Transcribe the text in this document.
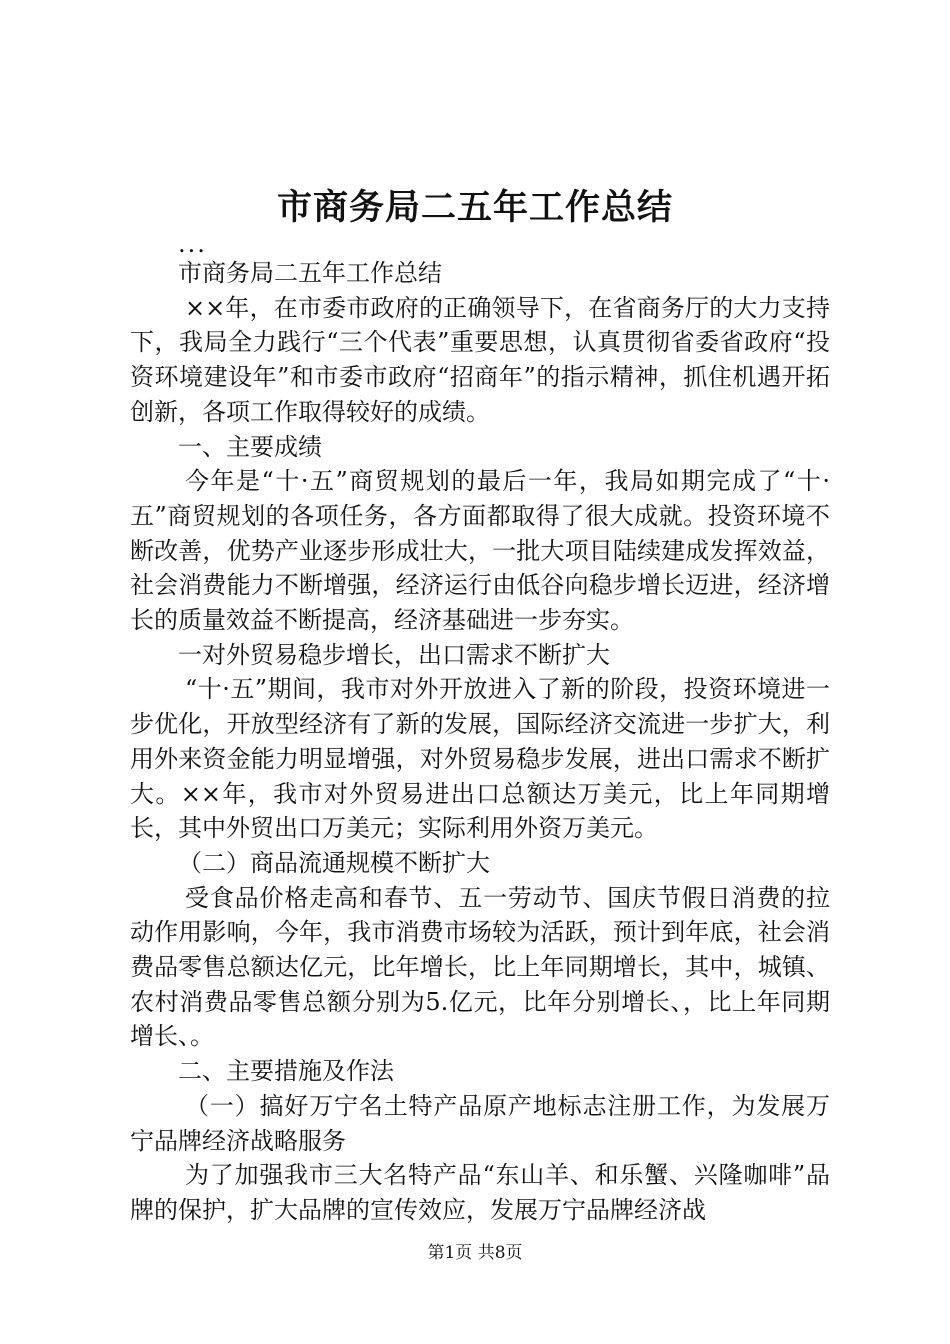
市商务局二五年工作总结

...

市商务局二五年工作总结

××年，在市委市政府的正确领导下，在省商务厅的大力支持下，我局全力践行“三个代表”重要思想，认真贯彻省委省政府“投资环境建设年”和市委市政府“招商年”的指示精神，抓住机遇开拓创新，各项工作取得较好的成绩。

一、主要成绩

今年是“十·五”商贸规划的最后一年，我局如期完成了“十·五”商贸规划的各项任务，各方面都取得了很大成就。投资环境不断改善，优势产业逐步形成壮大，一批大项目陆续建成发挥效益，社会消费能力不断增强，经济运行由低谷向稳步增长迈进，经济增长的质量效益不断提高，经济基础进一步夯实。

一对外贸易稳步增长，出口需求不断扩大

“十·五”期间，我市对外开放进入了新的阶段，投资环境进一步优化，开放型经济有了新的发展，国际经济交流进一步扩大，利用外来资金能力明显增强，对外贸易稳步发展，进出口需求不断扩大。××年，我市对外贸易进出口总额达万美元，比上年同期增长，其中外贸出口万美元；实际利用外资万美元。

（二）商品流通规模不断扩大

受食品价格走高和春节、五一劳动节、国庆节假日消费的拉动作用影响，今年，我市消费市场较为活跃，预计到年底，社会消费品零售总额达亿元，比年增长，比上年同期增长，其中，城镇、农村消费品零售总额分别为5.亿元，比年分别增长、，比上年同期增长、。

二、主要措施及作法

（一）搞好万宁名土特产品原产地标志注册工作，为发展万宁品牌经济战略服务

为了加强我市三大名特产品“东山羊、和乐蟹、兴隆咖啡”品牌的保护，扩大品牌的宣传效应，发展万宁品牌经济战

第1页 共8页
